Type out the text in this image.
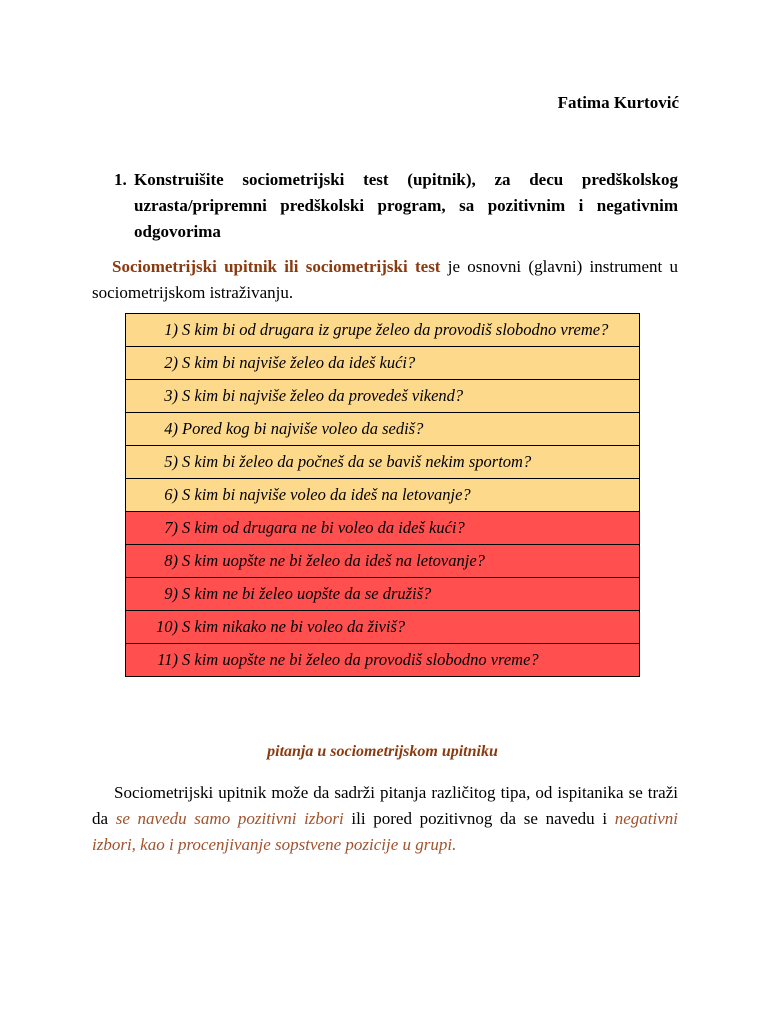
Fatima Kurtović
1. Konstruišite sociometrijski test (upitnik), za decu predškolskog uzrasta/pripremni predškolski program, sa pozitivnim i negativnim odgovorima
Sociometrijski upitnik ili sociometrijski test je osnovni (glavni) instrument u sociometrijskom istraživanju.
1) S kim bi od drugara iz grupe želeo da provodiš slobodno vreme?

2) S kim bi najviše želeo da ideš kući?

3) S kim bi najviše želeo da provedeš vikend?

4) Pored kog bi najviše voleo da sediš?

5) S kim bi želeo da počneš da se baviš nekim sportom?

6) S kim bi najviše voleo da ideš na letovanje?

7) S kim od drugara ne bi voleo da ideš kući?

8) S kim uopšte ne bi želeo da ideš na letovanje?

9) S kim ne bi želeo uopšte da se družiš?

10) S kim nikako ne bi voleo da živiš?

11) S kim uopšte ne bi želeo da provodiš slobodno vreme?
pitanja u sociometrijskom upitniku
Sociometrijski upitnik može da sadrži pitanja različitog tipa, od ispitanika se traži da se navedu samo pozitivni izbori ili pored pozitivnog da se navedu i negativni izbori, kao i procenjivanje sopstvene pozicije u grupi.
